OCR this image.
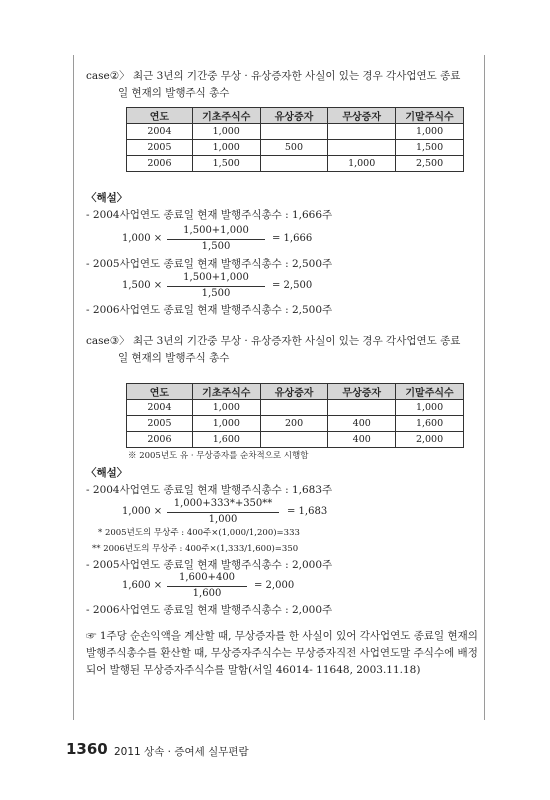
case②〉 최근 3년의 기간중 무상 · 유상증자한 사실이 있는 경우 각사업연도 종료
일 현재의 발행주식 총수
연도	기초주식수	유상증자	무상증자	기말주식수
2004	1,000			1,000
2005	1,000	500		1,500
2006	1,500		1,000	2,500
〈해설〉
- 2004사업연도 종료일 현재 발행주식총수 : 1,666주
1,000 ×
1,500+1,000
1,500
= 1,666
- 2005사업연도 종료일 현재 발행주식총수 : 2,500주
1,500 ×
1,500+1,000
1,500
= 2,500
- 2006사업연도 종료일 현재 발행주식총수 : 2,500주
case③〉 최근 3년의 기간중 무상 · 유상증자한 사실이 있는 경우 각사업연도 종료
일 현재의 발행주식 총수
연도	기초주식수	유상증자	무상증자	기말주식수
2004	1,000			1,000
2005	1,000	200	400	1,600
2006	1,600		400	2,000
※ 2005년도 유 · 무상증자를 순차적으로 시행함
〈해설〉
- 2004사업연도 종료일 현재 발행주식총수 : 1,683주
1,000 ×
1,000+333*+350**
1,000
= 1,683
* 2005년도의 무상주 : 400주×(1,000/1,200)=333
** 2006년도의 무상주 : 400주×(1,333/1,600)=350
- 2005사업연도 종료일 현재 발행주식총수 : 2,000주
1,600 ×
1,600+400
1,600
= 2,000
- 2006사업연도 종료일 현재 발행주식총수 : 2,000주
☞ 1주당 순손익액을 계산할 때, 무상증자를 한 사실이 있어 각사업연도 종료일 현재의 발행주식총수를 환산할 때, 무상증자주식수는 무상증자직전 사업연도말 주식수에 배정되어 발행된 무상증자주식수를 말함(서일 46014- 11648, 2003.11.18)
1360 2011 상속 · 증여세 실무편람
